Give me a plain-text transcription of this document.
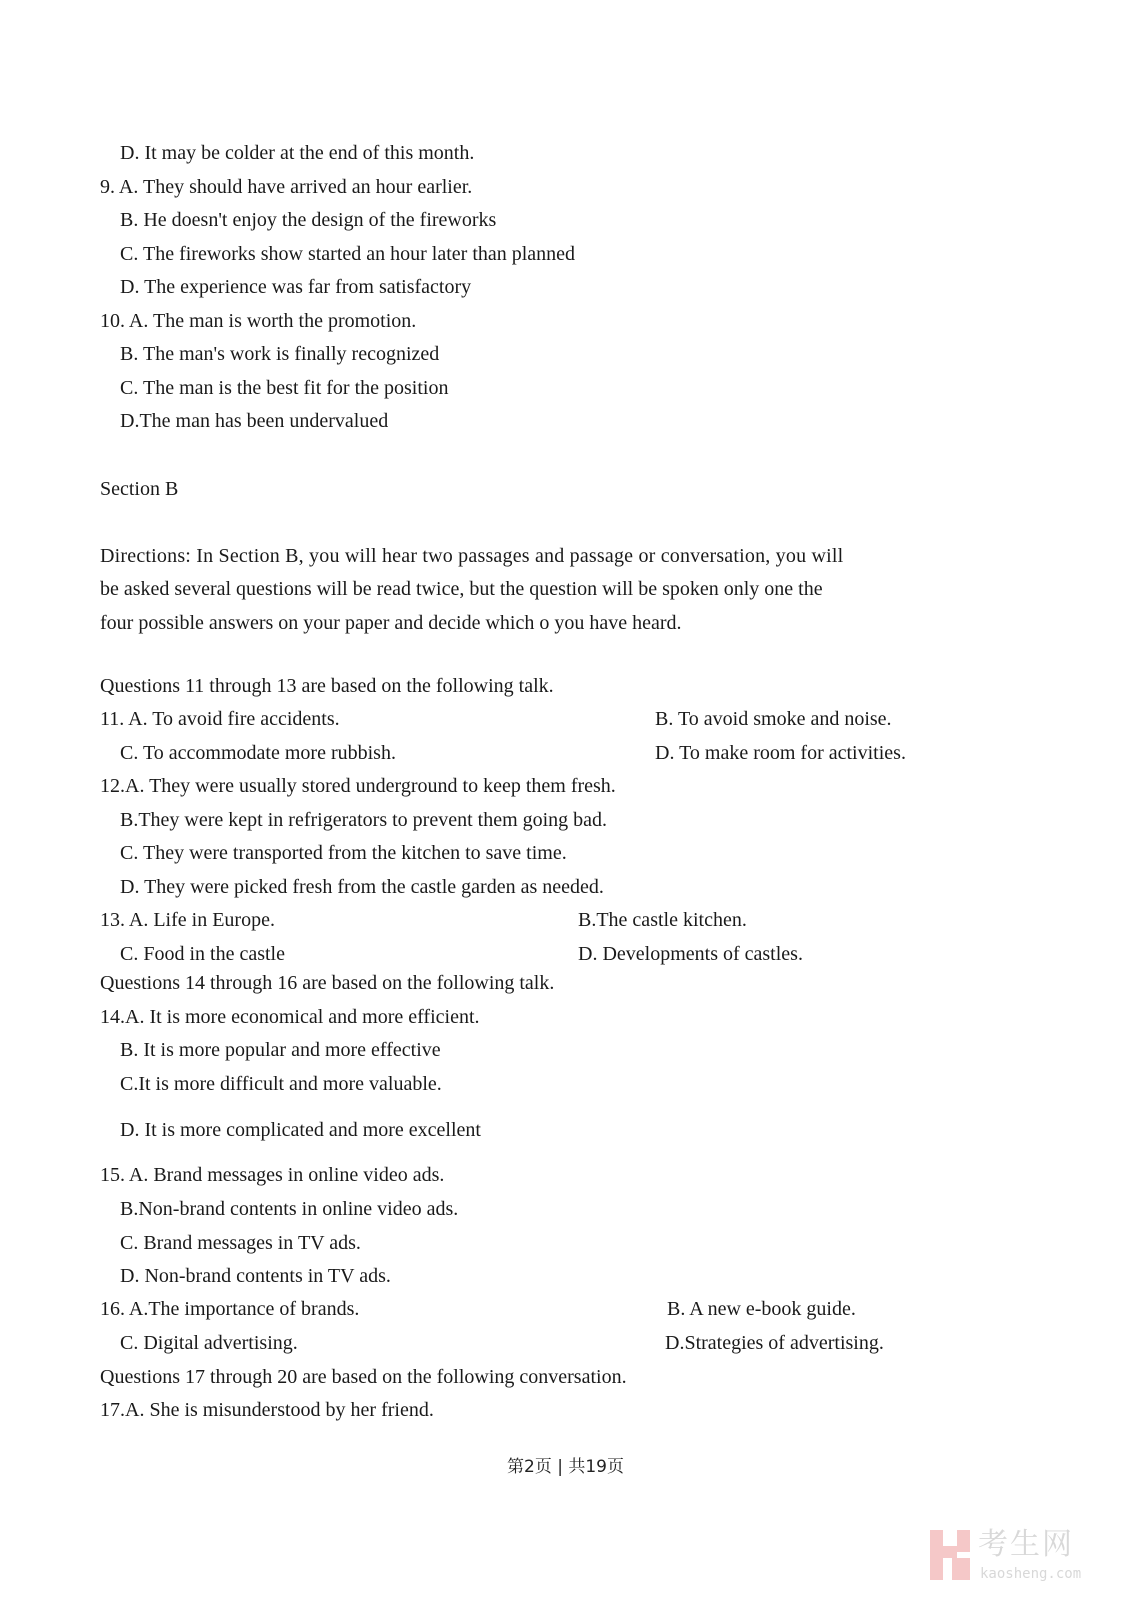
D. It may be colder at the end of this month.
9. A. They should have arrived an hour earlier.
B. He doesn't enjoy the design of the fireworks
C. The fireworks show started an hour later than planned
D. The experience was far from satisfactory
10. A. The man is worth the promotion.
B. The man's work is finally recognized
C. The man is the best fit for the position
D.The man has been undervalued
Section B
Directions: In Section B, you will hear two passages and passage or conversation, you will
be asked several questions will be read twice, but the question will be spoken only one the
four possible answers on your paper and decide which o you have heard.
Questions 11 through 13 are based on the following talk.
11. A. To avoid fire accidents.	B. To avoid smoke and noise.
C. To accommodate more rubbish.	D. To make room for activities.
12.A. They were usually stored underground to keep them fresh.
B.They were kept in refrigerators to prevent them going bad.
C. They were transported from the kitchen to save time.
D. They were picked fresh from the castle garden as needed.
13. A. Life in Europe.	B.The castle kitchen.
C. Food in the castle	D. Developments of castles.
Questions 14 through 16 are based on the following talk.
14.A. It is more economical and more efficient.
B. It is more popular and more effective
C.It is more difficult and more valuable.
D. It is more complicated and more excellent
15. A. Brand messages in online video ads.
B.Non-brand contents in online video ads.
C. Brand messages in TV ads.
D. Non-brand contents in TV ads.
16. A.The importance of brands.	B. A new e-book guide.
C. Digital advertising.	D.Strategies of advertising.
Questions 17 through 20 are based on the following conversation.
17.A. She is misunderstood by her friend.
第2页 | 共19页
考生网
kaosheng.com
